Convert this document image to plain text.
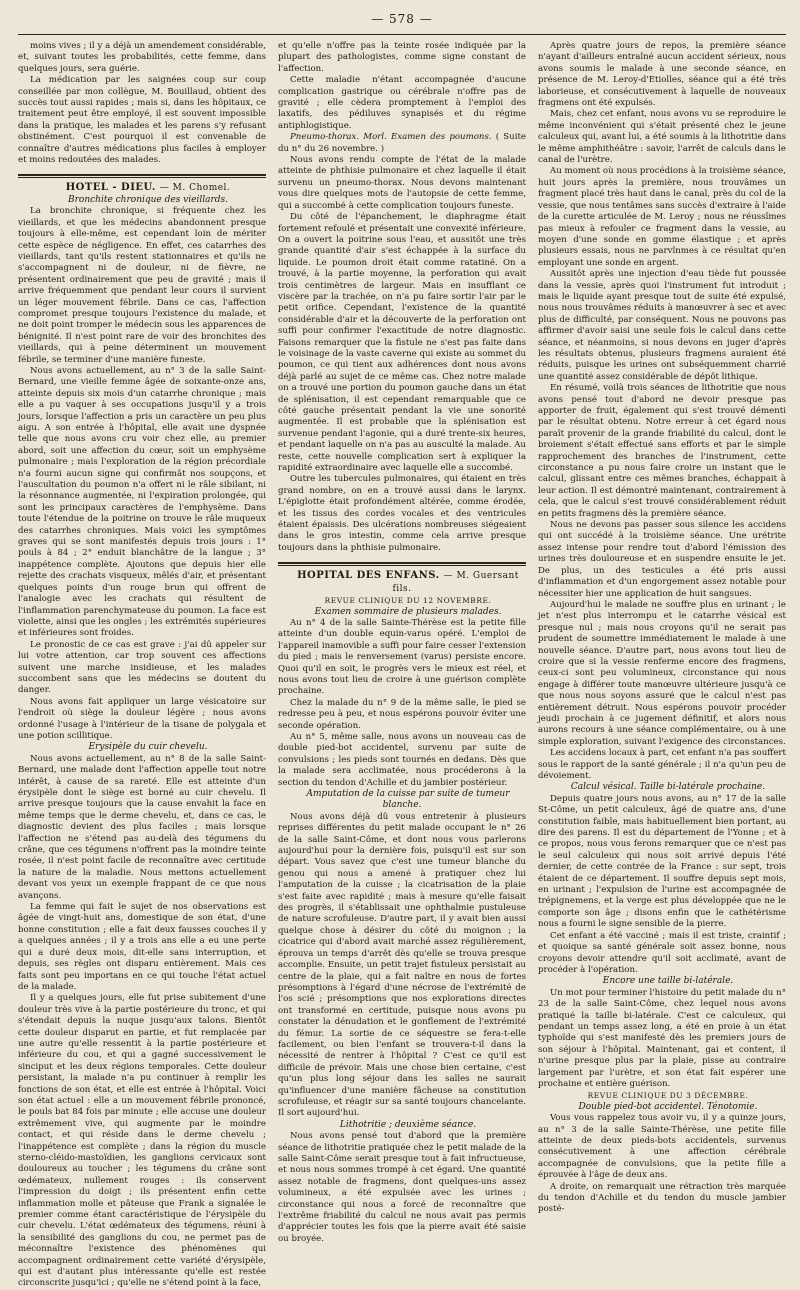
— 578 —

moins vives ; il y a déjà un amendement considérable, et, suivant toutes les probabilités, cette femme, dans quelques jours, sera guérie.

La médication par les saignées coup sur coup conseillée par mon collègue, M. Bouillaud, obtient des succès tout aussi rapides ; mais si, dans les hôpitaux, ce traitement peut être employé, il est souvent impossible dans la pratique, les malades et les parens s'y refusant obstinément. C'est pourquoi il est convenable de connaître d'autres médications plus faciles à employer et moins redoutées des malades.

HOTEL - DIEU. — M. Chomel.

Bronchite chronique des vieillards.

La bronchite chronique, si fréquente chez les vieillards, et que les médecins abandonnent presque toujours à elle-même, est cependant loin de mériter cette espèce de négligence. En effet, ces catarrhes des vieillards, tant qu'ils restent stationnaires et qu'ils ne s'accompagnent ni de douleur, ni de fièvre, ne présentent ordinairement que peu de gravité ; mais il arrive fréquemment que pendant leur cours il survient un léger mouvement fébrile. Dans ce cas, l'affection compromet presque toujours l'existence du malade, et ne doit point tromper le médecin sous les apparences de bénignité. Il n'est point rare de voir des bronchites des vieillards, qui à peine déterminent un mouvement fébrile, se terminer d'une manière funeste.

Nous avons actuellement, au n° 3 de la salle Saint-Bernard, une vieille femme âgée de soixante-onze ans, atteinte depuis six mois d'un catarrhe chronique ; mais elle a pu vaquer à ses occupations jusqu'il y a trois jours, lorsque l'affection a pris un caractère un peu plus aigu. A son entrée à l'hôpital, elle avait une dyspnée telle que nous avons cru voir chez elle, au premier abord, soit une affection du cœur, soit un emphysème pulmonaire ; mais l'exploration de la région précordiale n'a fourni aucun signe qui confirmât nos soupçons, et l'auscultation du poumon n'a offert ni le râle sibilant, ni la résonnance augmentée, ni l'expiration prolongée, qui sont les principaux caractères de l'emphysème. Dans toute l'étendue de la poitrine on trouve le râle muqueux des catarrhes chroniques. Mais voici les symptômes graves qui se sont manifestés depuis trois jours : 1° pouls à 84 ; 2° enduit blanchâtre de la langue ; 3° inappétence complète. Ajoutons que depuis hier elle rejette des crachats visqueux, mêlés d'air, et présentant quelques points d'un rouge brun qui offrent de l'analogie avec les crachats qui résultent de l'inflammation parenchymateuse du poumon. La face est violette, ainsi que les ongles ; les extrémités supérieures et inférieures sont froides.

Le pronostic de ce cas est grave : j'ai dû appeler sur lui votre attention, car trop souvent ces affections suivent une marche insidieuse, et les malades succombent sans que les médecins se doutent du danger.

Nous avons fait appliquer un large vésicatoire sur l'endroit où siège la douleur légère ; nous avons ordonné l'usage à l'intérieur de la tisane de polygala et une potion scillitique.

Erysipèle du cuir chevelu.

Nous avons actuellement, au n° 8 de la salle Saint-Bernard, une malade dont l'affection appelle tout notre intérêt, à cause de sa rareté. Elle est atteinte d'un érysipèle dont le siège est borné au cuir chevelu. Il arrive presque toujours que la cause envahit la face en même temps que le derme chevelu, et, dans ce cas, le diagnostic devient des plus faciles ; mais lorsque l'affection ne s'étend pas au-delà des tégumens du crâne, que ces tégumens n'offrent pas la moindre teinte rosée, il n'est point facile de reconnaître avec certitude la nature de la maladie. Nous mettons actuellement devant vos yeux un exemple frappant de ce que nous avançons.

La femme qui fait le sujet de nos observations est âgée de vingt-huit ans, domestique de son état, d'une bonne constitution ; elle a fait deux fausses couches il y a quelques années ; il y a trois ans elle a eu une perte qui a duré deux mois, dit-elle sans interruption, et depuis, ses règles ont disparu entièrement. Mais ces faits sont peu importans en ce qui touche l'état actuel de la malade.

Il y a quelques jours, elle fut prise subitement d'une douleur très vive à la partie postérieure du tronc, et qui s'étendait depuis la nuque jusqu'aux talons. Bientôt cette douleur disparut en partie, et fut remplacée par une autre qu'elle ressentit à la partie postérieure et inférieure du cou, et qui a gagné successivement le sinciput et les deux régions temporales. Cette douleur persistant, la malade n'a pu continuer à remplir les fonctions de son état, et elle est entrée à l'hôpital. Voici son état actuel : elle a un mouvement fébrile prononcé, le pouls bat 84 fois par minute ; elle accuse une douleur extrêmement vive, qui augmente par le moindre contact, et qui réside dans le derme chevelu ; l'inappétence est complète ; dans la région du muscle sterno-cléido-mastoïdien, les ganglions cervicaux sont douloureux au toucher ; les tégumens du crâne sont œdémateux, nullement rouges : ils conservent l'impression du doigt ; ils présentent enfin cette inflammation molle et pâteuse que Frank a signalée le premier comme étant caractéristique de l'érysipèle du cuir chevelu. L'état œdémateux des tégumens, réuni à la sensibilité des ganglions du cou, ne permet pas de méconnaître l'existence des phénomènes qui accompagnent ordinairement cette variété d'érysipèle, qui est d'autant plus intéressante qu'elle est restée circonscrite jusqu'ici ; qu'elle ne s'étend point à la face,

et qu'elle n'offre pas la teinte rosée indiquée par la plupart des pathologistes, comme signe constant de l'affection.

Cette maladie n'étant accompagnée d'aucune complication gastrique ou cérébrale n'offre pas de gravité ; elle cèdera promptement à l'emploi des laxatifs, des pédiluves synapisés et du régime antiphlogistique.

Pneumo-thorax. Morl. Examen des poumons. ( Suite du n° du 26 novembre. )

Nous avons rendu compte de l'état de la malade atteinte de phthisie pulmonaire et chez laquelle il était survenu un pneumo-thorax. Nous devons maintenant vous dire quelques mots de l'autopsie de cette femme, qui a succombé à cette complication toujours funeste.

Du côté de l'épanchement, le diaphragme était fortement refoulé et présentait une convexité inférieure. On a ouvert la poitrine sous l'eau, et aussitôt une très grande quantité d'air s'est échappée à la surface du liquide. Le poumon droit était comme ratatiné. On a trouvé, à la partie moyenne, la perforation qui avait trois centimètres de largeur. Mais en insufflant ce viscère par la trachée, on n'a pu faire sortir l'air par le petit orifice. Cependant, l'existence de la quantité considérable d'air et la découverte de la perforation ont suffi pour confirmer l'exactitude de notre diagnostic. Faisons remarquer que la fistule ne s'est pas faite dans le voisinage de la vaste caverne qui existe au sommet du poumon, ce qui tient aux adhérences dont nous avons déjà parlé au sujet de ce même cas. Chez notre malade on a trouvé une portion du poumon gauche dans un état de splénisation, il est cependant remarquable que ce côté gauche présentait pendant la vie une sonorité augmentée. Il est probable que la splénisation est survenue pendant l'agonie, qui a duré trente-six heures, et pendant laquelle on n'a pas au ausculté la malade. Au reste, cette nouvelle complication sert à expliquer la rapidité extraordinaire avec laquelle elle a succombé.

Outre les tubercules pulmonaires, qui étaient en très grand nombre, on en a trouvé aussi dans le larynx. L'épiglotte était profondément altérée, comme érodée, et les tissus des cordes vocales et des ventricules étaient épaissis. Des ulcérations nombreuses siégeaient dans le gros intestin, comme cela arrive presque toujours dans la phthisie pulmonaire.

HOPITAL DES ENFANS. — M. Guersant fils.

REVUE CLINIQUE DU 12 NOVEMBRE.

Examen sommaire de plusieurs malades.

Au n° 4 de la salle Sainte-Thérèse est la petite fille atteinte d'un double equin-varus opéré. L'emploi de l'appareil inamovible a suffi pour faire cesser l'extension du pied ; mais le renversement (varus) persiste encore. Quoi qu'il en soit, le progrès vers le mieux est réel, et nous avons tout lieu de croire à une guérison complète prochaine.

Chez la malade du n° 9 de la même salle, le pied se redresse peu à peu, et nous espérons pouvoir éviter une seconde opération.

Au n° 5, même salle, nous avons un nouveau cas de double pied-bot accidentel, survenu par suite de convulsions ; les pieds sont tournés en dedans. Dès que la malade sera acclimatée, nous procéderons à la section du tendon d'Achille et du jambier postérieur.

Amputation de la cuisse par suite de tumeur blanche.

Nous avons déjà dû vous entretenir à plusieurs reprises différentes du petit malade occupant le n° 26 de la salle Saint-Côme, et dont nous vous parlerons aujourd'hui pour la dernière fois, puisqu'il est sur son départ. Vous savez que c'est une tumeur blanche du genou qui nous a amené à pratiquer chez lui l'amputation de la cuisse ; la cicatrisation de la plaie s'est faite avec rapidité ; mais à mesure qu'elle faisait des progrès, il s'établissait une ophthalmie pustuleuse de nature scrofuleuse. D'autre part, il y avait bien aussi quelque chose à désirer du côté du moignon ; la cicatrice qui d'abord avait marché assez régulièrement, éprouva un temps d'arrêt dès qu'elle se trouva presque accomplie. Ensuite, un petit trajet fistuleux persistait au centre de la plaie, qui a fait naître en nous de fortes présomptions à l'égard d'une nécrose de l'extrémité de l'os scié ; présomptions que nos explorations directes ont transformé en certitude, puisque nous avons pu constater la dénudation et le gonflement de l'extrémité du fémur. La sortie de ce séquestre se fera-t-elle facilement, ou bien l'enfant se trouvera-t-il dans la nécessité de rentrer à l'hôpital ? C'est ce qu'il est difficile de prévoir. Mais une chose bien certaine, c'est qu'un plus long séjour dans les salles ne saurait qu'influencer d'une manière fâcheuse sa constitution scrofuleuse, et réagir sur sa santé toujours chancelante. Il sort aujourd'hui.

Lithotritie ; deuxième séance.

Nous avons pensé tout d'abord que la première séance de lithotritie pratiquée chez le petit malade de la salle Saint-Côme serait presque tout à fait infructueuse, et nous nous sommes trompé à cet égard. Une quantité assez notable de fragmens, dont quelques-uns assez volumineux, a été expulsée avec les urines ; circonstance qui nous a forcé de reconnaître que l'extrême friabilité du calcul ne nous avait pas permis d'apprécier toutes les fois que la pierre avait été saisie ou broyée.

Après quatre jours de repos, la première séance n'ayant d'ailleurs entraîné aucun accident sérieux, nous avons soumis le malade à une seconde séance, en présence de M. Leroy-d'Etiolles, séance qui a été très laborieuse, et consécutivement à laquelle de nouveaux fragmens ont été expulsés.

Mais, chez cet enfant, nous avons vu se reproduire le même inconvénient qui s'était présenté chez le jeune calculeux qui, avant lui, a été soumis à la lithotritie dans le même amphithéâtre : savoir, l'arrêt de calculs dans le canal de l'urètre.

Au moment où nous procédions à la troisième séance, huit jours après la première, nous trouvâmes un fragment placé très haut dans le canal, près du col de la vessie, que nous tentâmes sans succès d'extraire à l'aide de la curette articulée de M. Leroy ; nous ne réussîmes pas mieux à refouler ce fragment dans la vessie, au moyen d'une sonde en gomme élastique ; et après plusieurs essais, nous ne parvînmes à ce résultat qu'en employant une sonde en argent.

Aussitôt après une injection d'eau tiède fut poussée dans la vessie, après quoi l'instrument fut introduit ; mais le liquide ayant presque tout de suite été expulsé, nous nous trouvâmes réduits à manœuvrer à sec et avec plus de difficulté, par conséquent. Nous ne pouvons pas affirmer d'avoir saisi une seule fois le calcul dans cette séance, et néanmoins, si nous devons en juger d'après les résultats obtenus, plusieurs fragmens auraient été réduits, puisque les urines ont subséquemment charrié une quantité assez considérable de dépôt lithique.

En résumé, voilà trois séances de lithotritie que nous avons pensé tout d'abord ne devoir presque pas apporter de fruit, également qui s'est trouvé démenti par le résultat obtenu. Notre erreur à cet égard nous paraît provenir de la grande friabilité du calcul, dont le broiement s'était effectué sans efforts et par le simple rapprochement des branches de l'instrument, cette circonstance a pu nous faire croire un instant que le calcul, glissant entre ces mêmes branches, échappait à leur action. Il est démontré maintenant, contrairement à cela, que le calcul s'est trouvé considérablement réduit en petits fragmens dès la première séance.

Nous ne devons pas passer sous silence les accidens qui ont succédé à la troisième séance. Une urétrite assez intense pour rendre tout d'abord l'émission des urines très douloureuse et en suspendre ensuite le jet. De plus, un des testicules a été pris aussi d'inflammation et d'un engorgement assez notable pour nécessiter hier une application de huit sangsues.

Aujourd'hui le malade ne souffre plus en urinant ; le jet n'est plus interrompu et le catarrhe vésical est presque nul ; mais nous croyons qu'il ne serait pas prudent de soumettre immédiatement le malade à une nouvelle séance. D'autre part, nous avons tout lieu de croire que si la vessie renferme encore des fragmens, ceux-ci sont peu volumineux, circonstance qui nous engage à différer toute manœuvre ultérieure jusqu'à ce que nous nous soyons assuré que le calcul n'est pas entièrement détruit. Nous espérons pouvoir procéder jeudi prochain à ce jugement définitif, et alors nous aurons recours à une séance complémentaire, ou à une simple exploration, suivant l'exigence des circonstances.

Les accidens locaux à part, cet enfant n'a pas souffert sous le rapport de la santé générale ; il n'a qu'un peu de dévoiement.

Calcul vésical. Taille bi-latérale prochaine.

Depuis quatre jours nous avons, au n° 17 de la salle St-Côme, un petit calculeux, âgé de quatre ans, d'une constitution faible, mais habituellement bien portant, au dire des parens. Il est du département de l'Yonne ; et à ce propos, nous vous ferons remarquer que ce n'est pas le seul calculeux qui nous soit arrivé depuis l'été dernier, de cette contrée de la France : sur sept, trois étaient de ce département. Il souffre depuis sept mois, en urinant ; l'expulsion de l'urine est accompagnée de trépignemens, et la verge est plus développée que ne le comporte son âge ; disons enfin que le cathétérisme nous a fourni le signe sensible de la pierre.

Cet enfant a été vacciné ; mais il est triste, craintif ; et quoique sa santé générale soit assez bonne, nous croyons devoir attendre qu'il soit acclimaté, avant de procéder à l'opération.

Encore une taille bi-latérale.

Un mot pour terminer l'histoire du petit malade du n° 23 de la salle Saint-Côme, chez lequel nous avons pratiqué la taille bi-latérale. C'est ce calculeux, qui pendant un temps assez long, a été en proie à un état typhoïde qui s'est manifesté dès les premiers jours de son séjour à l'hôpital. Maintenant, gai et content, il n'urine presque plus par la plaie, pisse au contraire largement par l'urètre, et son état fait espérer une prochaine et entière guérison.

REVUE CLINIQUE DU 3 DÉCEMBRE.

Double pied-bot accidentel. Ténotomie.

Vous vous rappelez tous avoir vu, il y a quinze jours, au n° 3 de la salle Sainte-Thérèse, une petite fille atteinte de deux pieds-bots accidentels, survenus consécutivement à une affection cérébrale accompagnée de convulsions, que la petite fille a éprouvée à l'âge de deux ans.

A droite, on remarquait une rétraction très marquée du tendon d'Achille et du tendon du muscle jambier posté-
